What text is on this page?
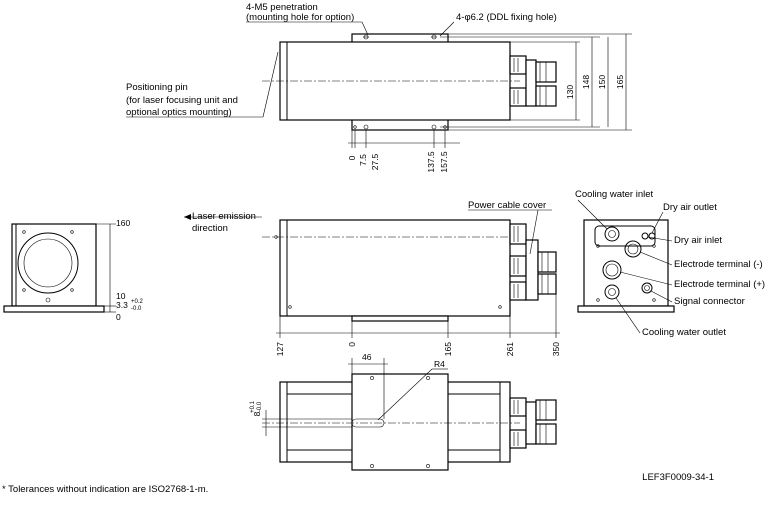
130
148 150 165
0 7.5 27.5	137.5 157.5
4-M5 penetration
(mounting hole for option)	4-φ6.2 (DDL fixing hole)
Positioning pin
(for laser focusing unit and
optional optics mounting)
160
10
3.3 +0.2
-0.0
0
Power cable cover
Laser emission
direction
127	0	165	261	350
Cooling water inlet
Dry air outlet
Dry air inlet
Electrode terminal (-)
Electrode terminal (+)
Signal connector
Cooling water outlet
46
R4
8
+0.1 -0.0
* Tolerances without indication are ISO2768-1-m.
LEF3F0009-34-1
